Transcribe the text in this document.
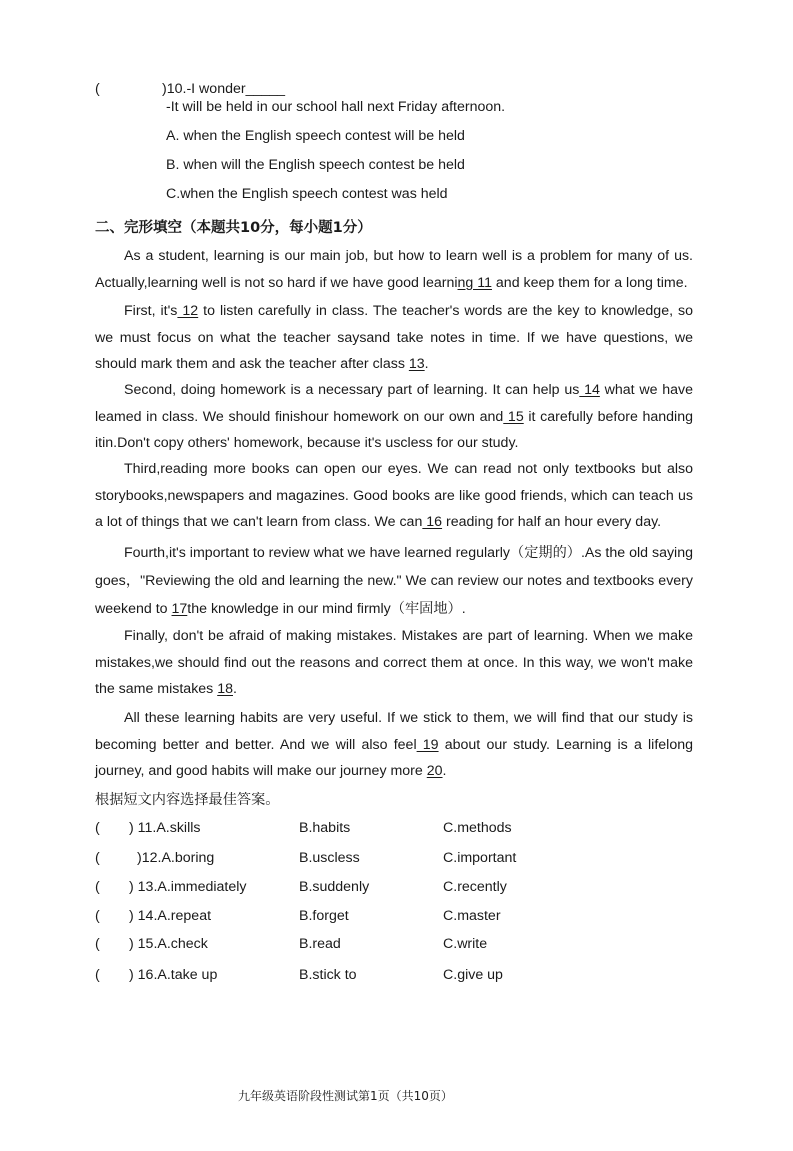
(	)10.-I wonder_____
-It will be held in our school hall next Friday afternoon.
A. when the English speech contest will be held
B. when will the English speech contest be held
C.when the English speech contest was held
二、完形填空（本题共10分，每小题1分）
As a student, learning is our main job, but how to learn well is a problem for many of us. Actually,learning well is not so hard if we have good learning 11 and keep them for a long time.
First, it's 12 to listen carefully in class. The teacher's words are the key to knowledge, so we must focus on what the teacher saysand take notes in time. If we have questions, we should mark them and ask the teacher after class 13.
Second, doing homework is a necessary part of learning. It can help us 14 what we have leamed in class. We should finishour homework on our own and 15 it carefully before handing itin.Don't copy others' homework, because it's uscless for our study.
Third,reading more books can open our eyes. We can read not only textbooks but also storybooks,newspapers and magazines. Good books are like good friends, which can teach us a lot of things that we can't learn from class. We can 16 reading for half an hour every day.
Fourth,it's important to review what we have learned regularly（定期的）.As the old saying goes，"Reviewing the old and learning the new." We can review our notes and textbooks every weekend to 17the knowledge in our mind firmly（牢固地）.
Finally, don't be afraid of making mistakes. Mistakes are part of learning. When we make mistakes,we should find out the reasons and correct them at once. In this way, we won't make the same mistakes 18.
All these learning habits are very useful. If we stick to them, we will find that our study is becoming better and better. And we will also feel 19 about our study. Learning is a lifelong journey, and good habits will make our journey more 20.
根据短文内容选择最佳答案。
( ) 11.A.skills	B.habits	C.methods
(	)12.A.boring	B.uscless	C.important
( ) 13.A.immediately	B.suddenly	C.recently
( ) 14.A.repeat	B.forget	C.master
( ) 15.A.check	B.read	C.write
( ) 16.A.take up	B.stick to	C.give up
九年级英语阶段性测试第1页（共10页）
